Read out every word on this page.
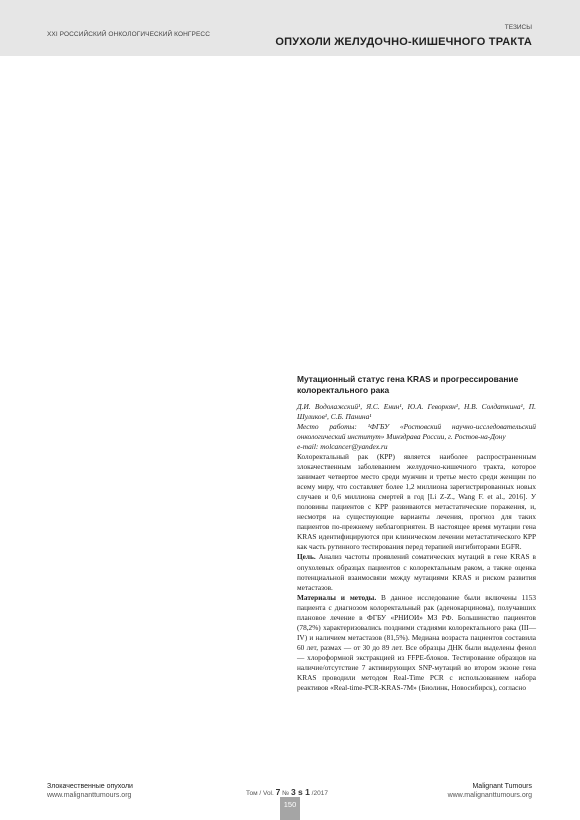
XXI РОССИЙСКИЙ ОНКОЛОГИЧЕСКИЙ КОНГРЕСС
ТЕЗИСЫ
ОПУХОЛИ ЖЕЛУДОЧНО-КИШЕЧНОГО ТРАКТА
Мутационный статус гена KRAS и прогрессирование колоректального рака
Д.И. Водолажский¹, Я.С. Енин¹, Ю.А. Геворкян¹, Н.В. Солдаткина¹, П. Шуликов¹, С.Б. Панина¹
Место работы: ¹ФГБУ «Ростовский научно-исследовательский онкологический институт» Минздрава России, г. Ростов-на-Дону
e-mail: molcancer@yandex.ru

Колоректальный рак (КРР) является наиболее распространенным злокачественным заболеванием желудочно-кишечного тракта, которое занимает четвертое место среди мужчин и третье место среди женщин по всему миру, что составляет более 1,2 миллиона зарегистрированных новых случаев и 0,6 миллиона смертей в год [Li Z-Z., Wang F. et al., 2016]. У половины пациентов с КРР развиваются метастатические поражения, и, несмотря на существующие варианты лечения, прогноз для таких пациентов по-прежнему неблагоприятен. В настоящее время мутации гена KRAS идентифицируются при клиническом лечении метастатического КРР как часть рутинного тестирования перед терапией ингибиторами EGFR.

Цель. Анализ частоты проявлений соматических мутаций в гене KRAS в опухолевых образцах пациентов с колоректальным раком, а также оценка потенциальной взаимосвязи между мутациями KRAS и риском развития метастазов.

Материалы и методы. В данное исследование были включены 1153 пациента с диагнозом колоректальный рак (аденокарцинома), получавших плановое лечение в ФГБУ «РНИОИ» МЗ РФ. Большинство пациентов (78,2%) характеризовались поздними стадиями колоректального рака (III—IV) и наличием метастазов (81,5%). Медиана возраста пациентов составила 60 лет, размах — от 30 до 89 лет. Все образцы ДНК были выделены фенол — хлороформной экстракцией из FFPE-блоков. Тестирование образцов на наличие/отсутствие 7 активирующих SNP-мутаций во втором экзоне гена KRAS проводили методом Real-Time PCR с использованием набора реактивов «Real-time-PCR-KRAS-7M» (Биолинк, Новосибирск), согласно

Злокачественные опухоли
www.malignanttumours.org	Том / Vol. 7 № 3 s 1 /2017
Malignant Tumours
www.malignanttumours.org
150
